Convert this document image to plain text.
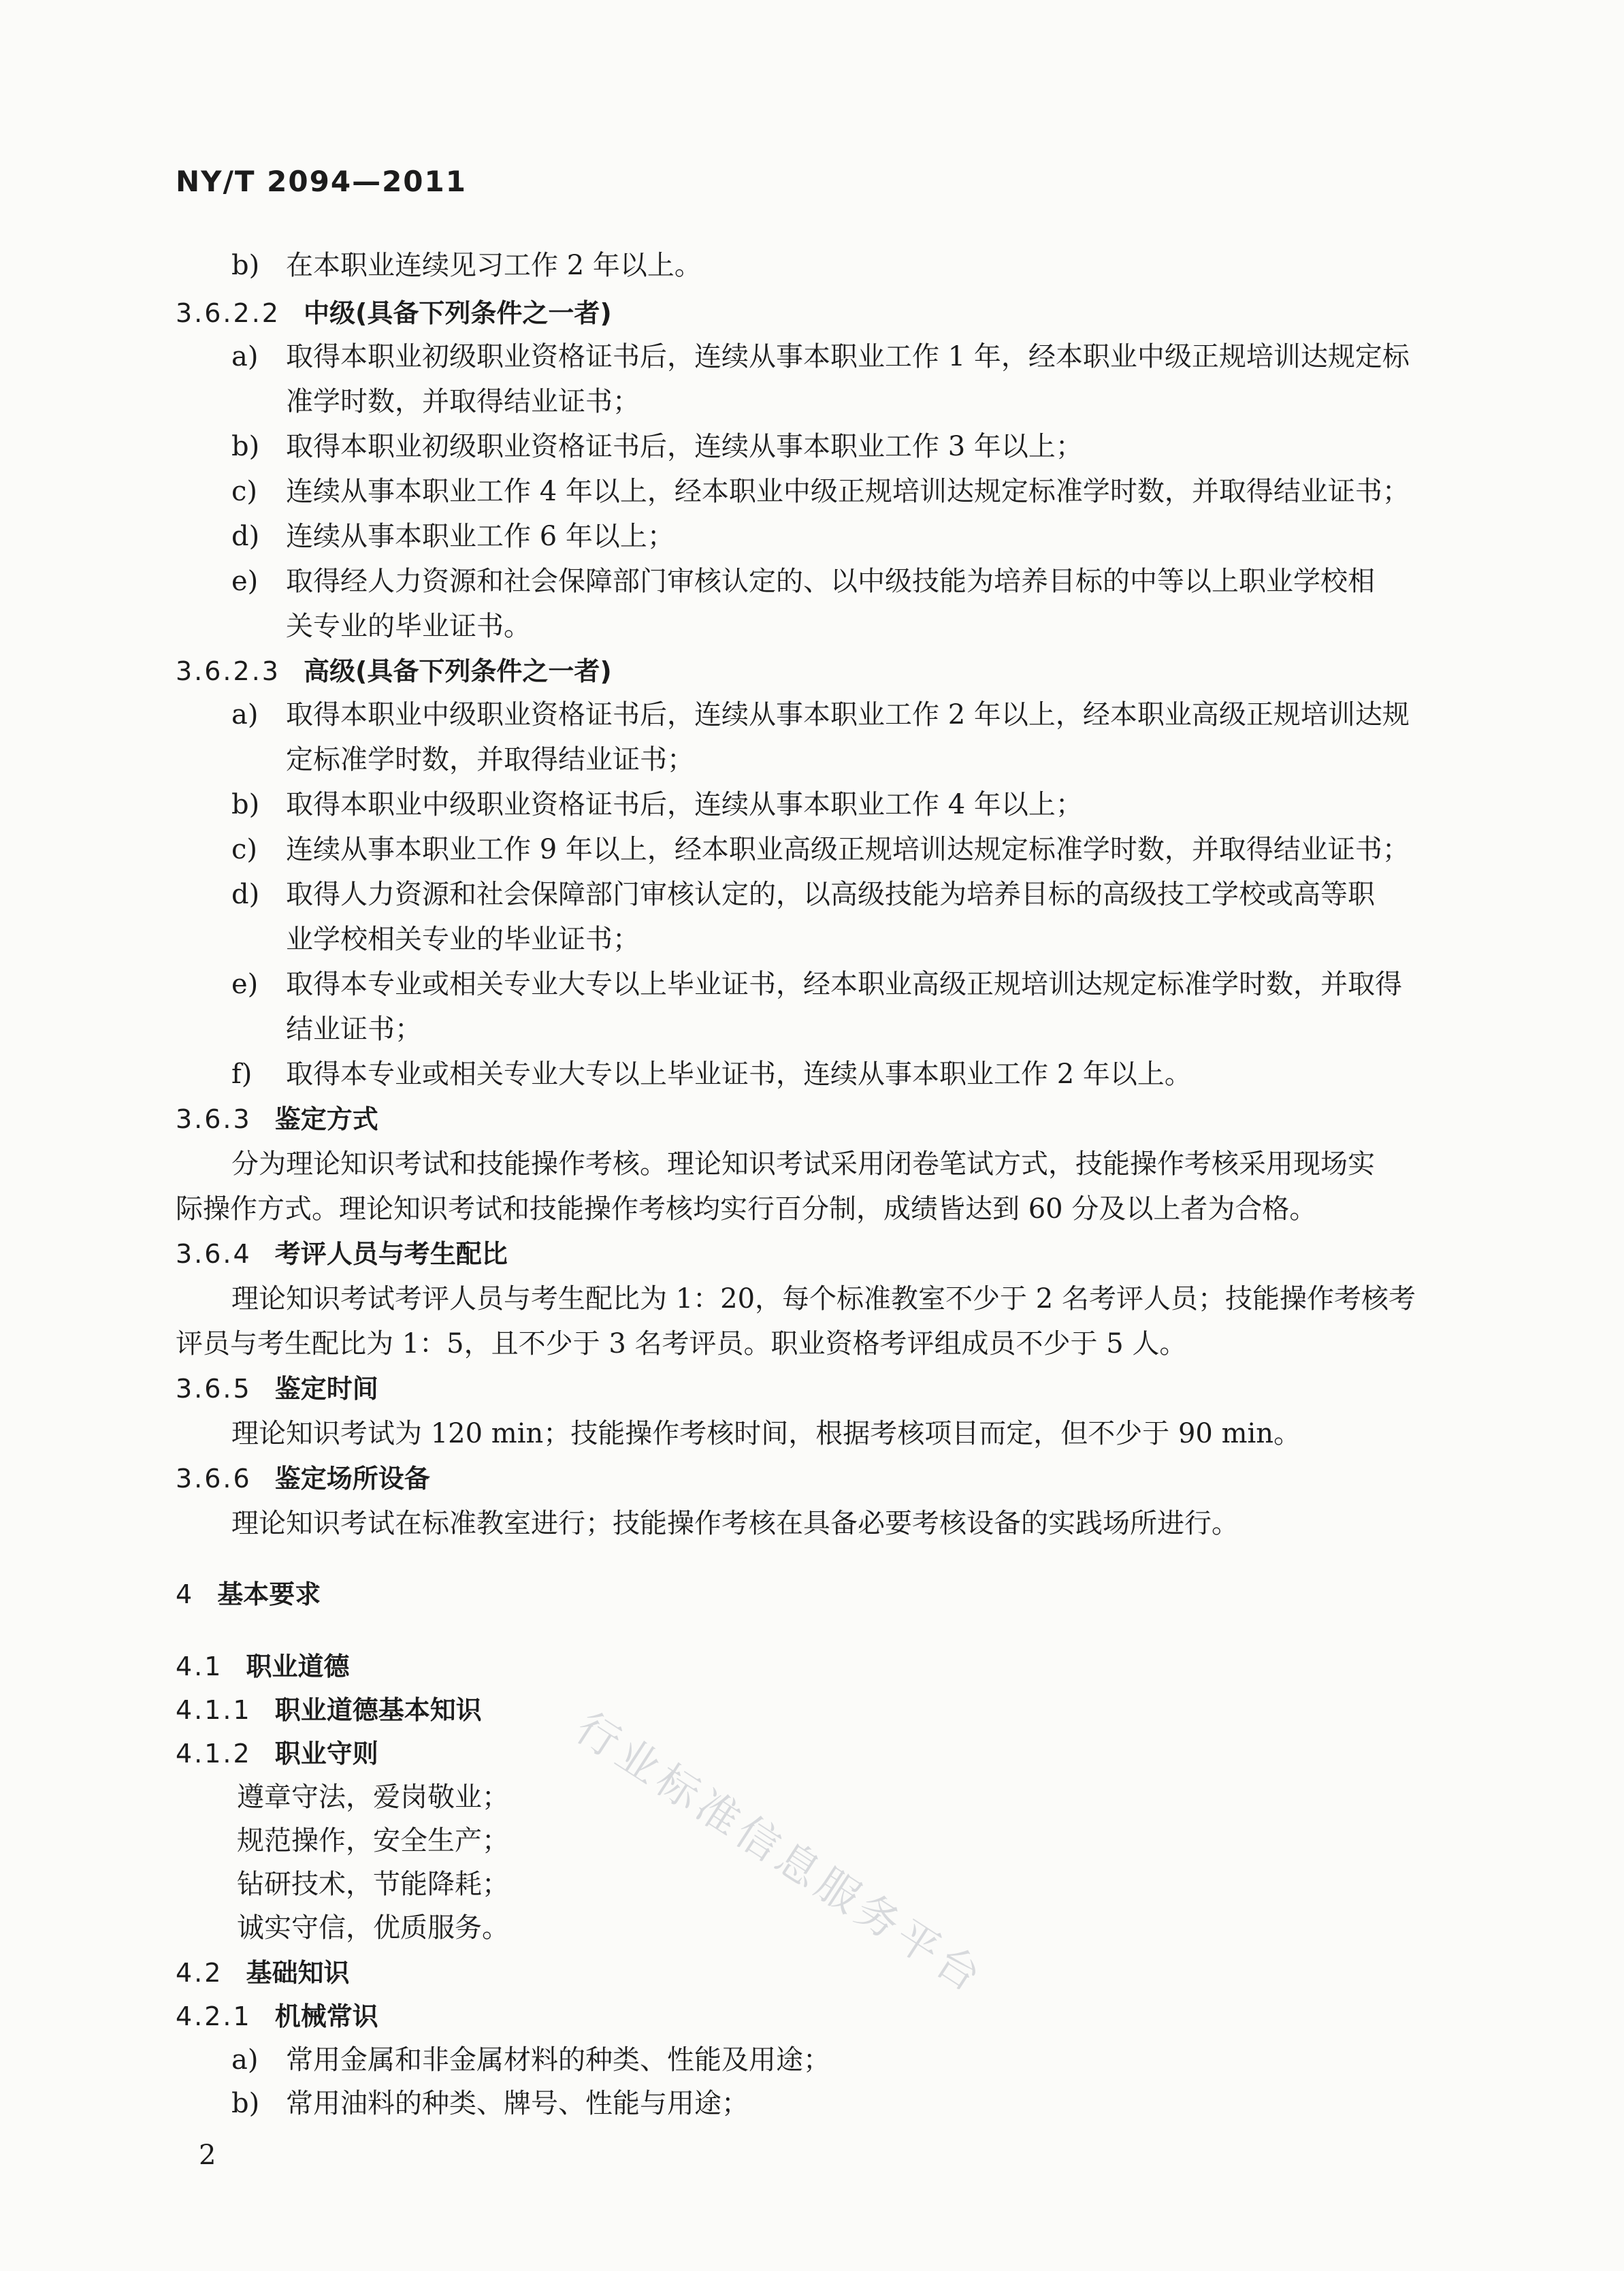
NY/T 2094—2011
b) 在本职业连续见习工作 2 年以上。
3.6.2.2 中级(具备下列条件之一者)
a)	取得本职业初级职业资格证书后，连续从事本职业工作 1 年，经本职业中级正规培训达规定标
准学时数，并取得结业证书；
b) 取得本职业初级职业资格证书后，连续从事本职业工作 3 年以上；
c)	连续从事本职业工作 4 年以上，经本职业中级正规培训达规定标准学时数，并取得结业证书；
d) 连续从事本职业工作 6 年以上；
e)	取得经人力资源和社会保障部门审核认定的、以中级技能为培养目标的中等以上职业学校相
关专业的毕业证书。
3.6.2.3 高级(具备下列条件之一者)
a)	取得本职业中级职业资格证书后，连续从事本职业工作 2 年以上，经本职业高级正规培训达规
定标准学时数，并取得结业证书；
b) 取得本职业中级职业资格证书后，连续从事本职业工作 4 年以上；
c)	连续从事本职业工作 9 年以上，经本职业高级正规培训达规定标准学时数，并取得结业证书；
d) 取得人力资源和社会保障部门审核认定的，以高级技能为培养目标的高级技工学校或高等职
业学校相关专业的毕业证书；
e)	取得本专业或相关专业大专以上毕业证书，经本职业高级正规培训达规定标准学时数，并取得
结业证书；
f)	取得本专业或相关专业大专以上毕业证书，连续从事本职业工作 2 年以上。
3.6.3 鉴定方式
分为理论知识考试和技能操作考核。理论知识考试采用闭卷笔试方式，技能操作考核采用现场实
际操作方式。理论知识考试和技能操作考核均实行百分制，成绩皆达到 60 分及以上者为合格。
3.6.4 考评人员与考生配比
理论知识考试考评人员与考生配比为 1：20，每个标准教室不少于 2 名考评人员；技能操作考核考
评员与考生配比为 1：5，且不少于 3 名考评员。职业资格考评组成员不少于 5 人。
3.6.5 鉴定时间
理论知识考试为 120 min；技能操作考核时间，根据考核项目而定，但不少于 90 min。
3.6.6 鉴定场所设备
理论知识考试在标准教室进行；技能操作考核在具备必要考核设备的实践场所进行。
4 基本要求
4.1 职业道德
4.1.1 职业道德基本知识
4.1.2 职业守则
遵章守法，爱岗敬业；
规范操作，安全生产；
钻研技术，节能降耗；
诚实守信，优质服务。
4.2 基础知识
4.2.1 机械常识
a)	常用金属和非金属材料的种类、性能及用途；
b) 常用油料的种类、牌号、性能与用途；
行业标准信息服务平台
2
